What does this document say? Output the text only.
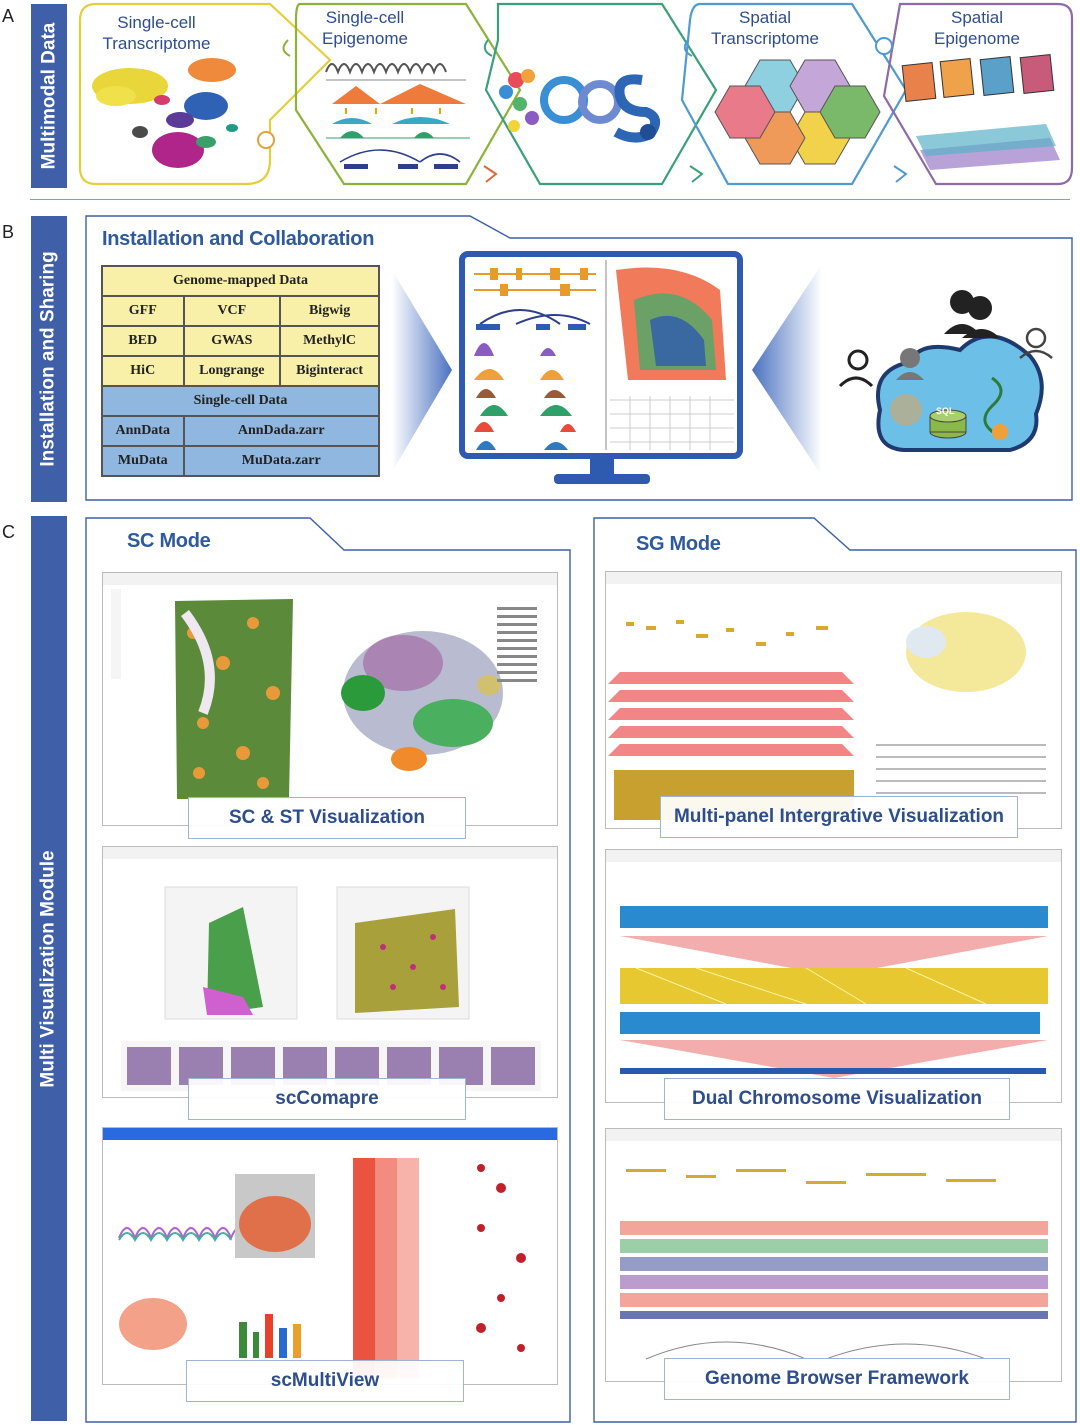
A
Multimodal Data
Single-cell
Transcriptome
Single-cell
Epigenome
Spatial
Transcriptome
Spatial
Epigenome
B
Installation and Sharing
Installation and Collaboration
SQL
Genome-mapped Data		
GFF	VCF	Bigwig
BED	GWAS	MethylC
HiC	Longrange	Biginteract
Single-cell Data		
AnnData	AnnDada.zarr	
MuData	MuData.zarr	
C
Multi Visualization Module
SC Mode	SG Mode
SC & ST Visualization
scComapre
scMultiView
Multi-panel Intergrative Visualization
Dual Chromosome Visualization
Genome Browser Framework
